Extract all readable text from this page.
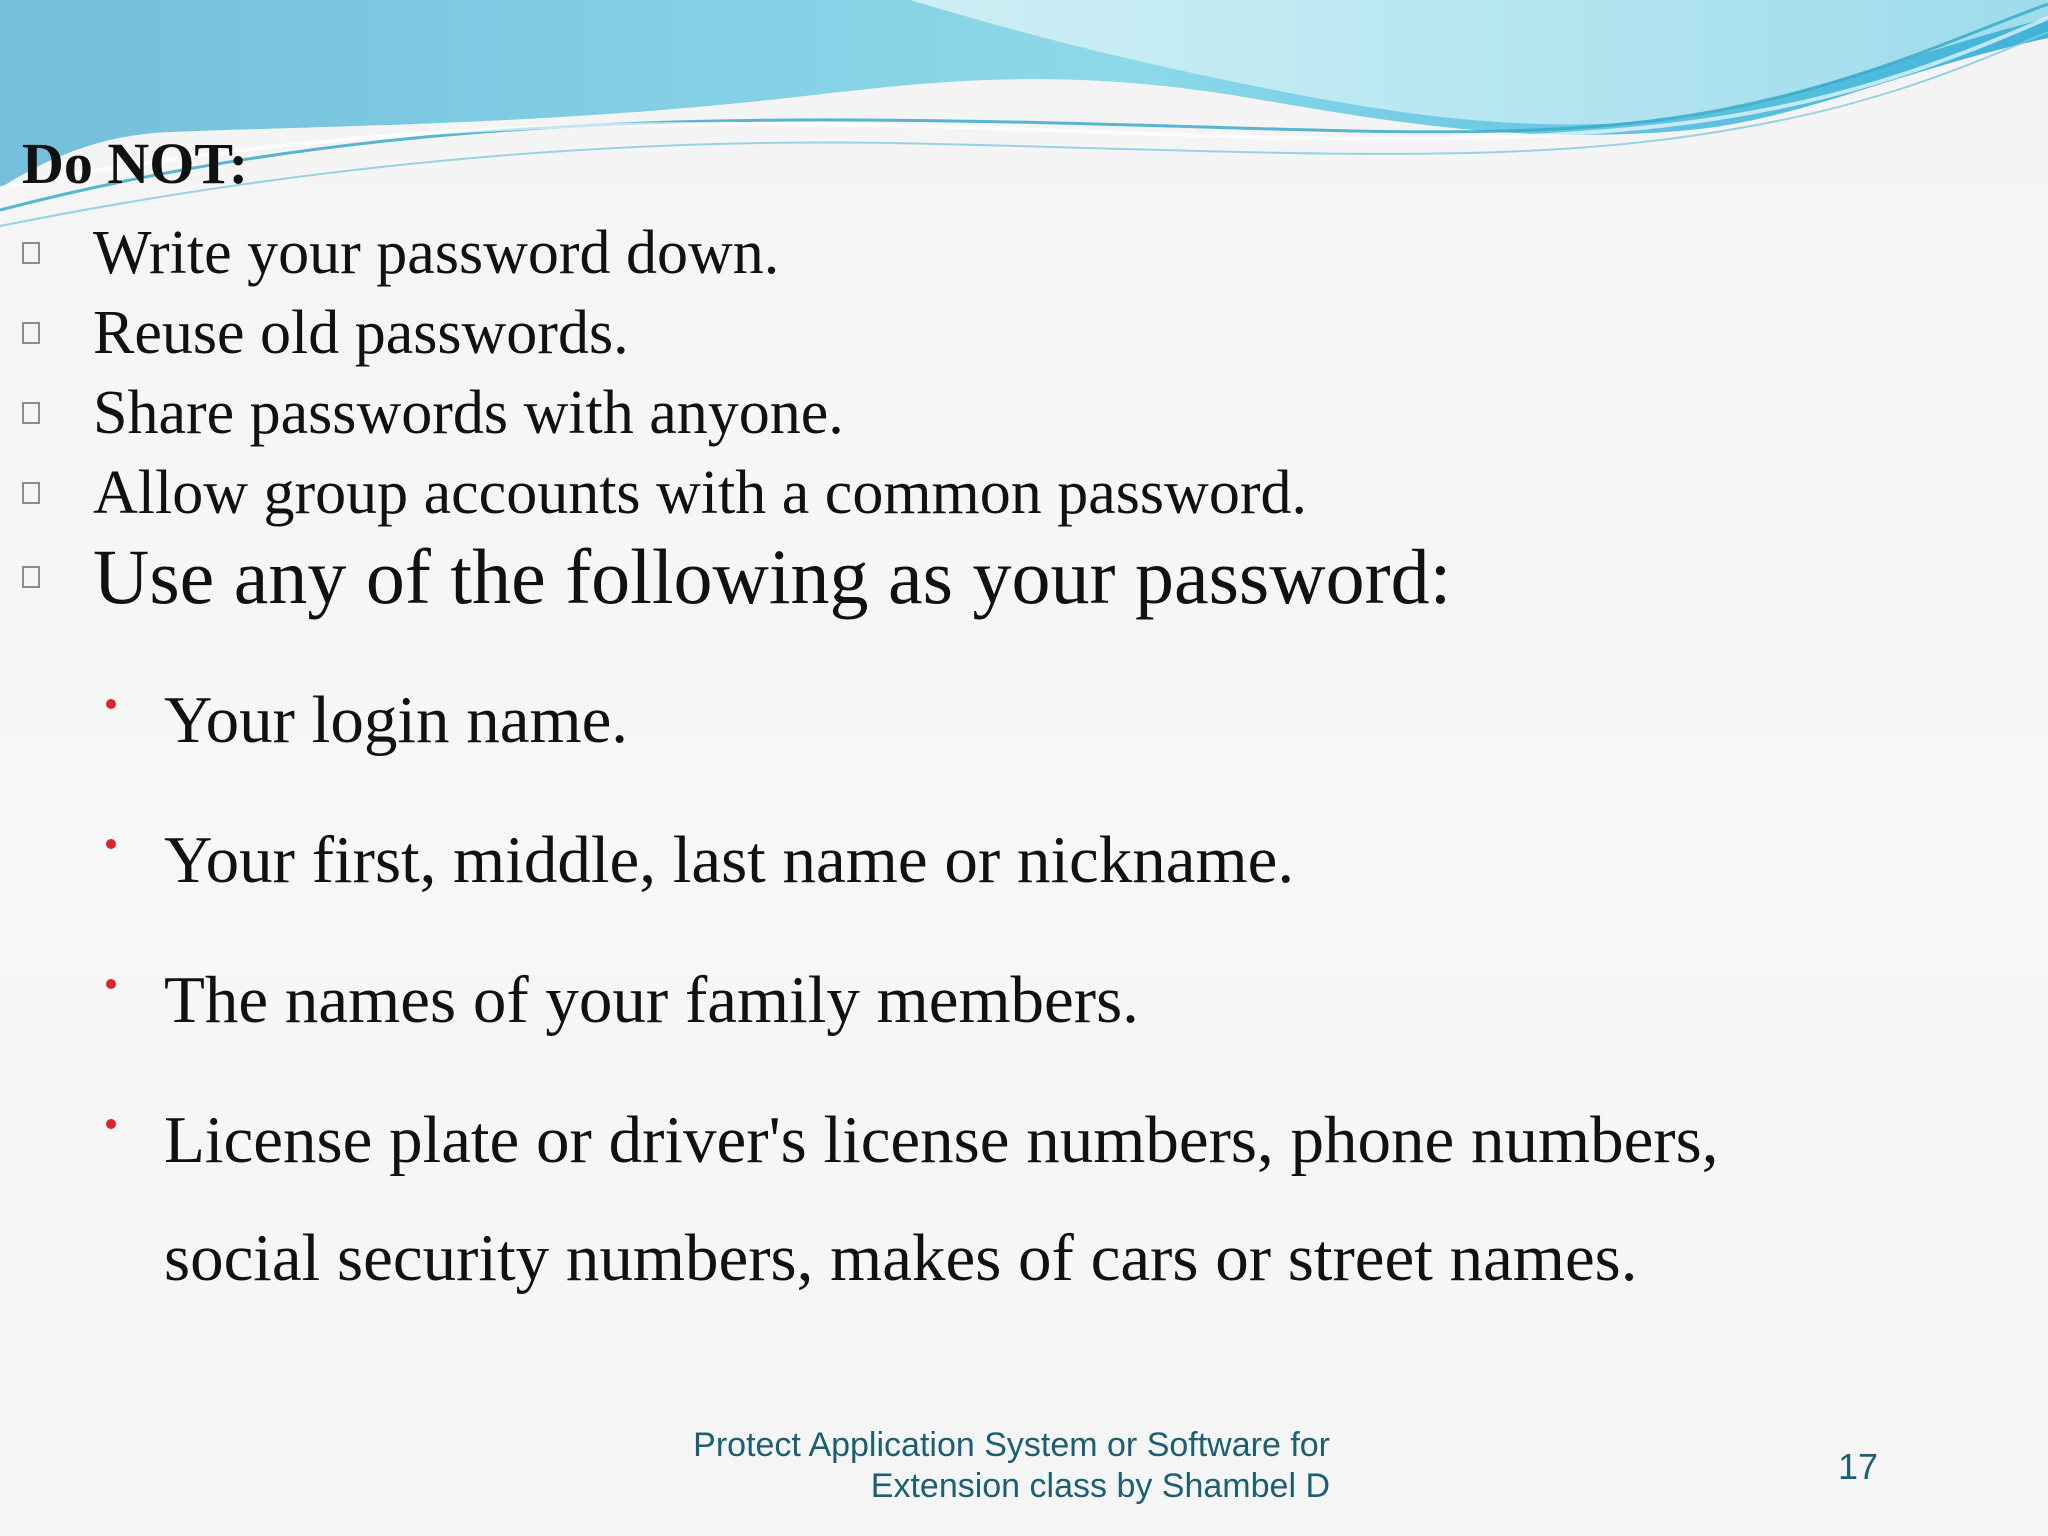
Do NOT:
Write your password down.
Reuse old passwords.
Share passwords with anyone.
Allow group accounts with a common password.
Use any of the following as your password:
Your login name.
Your first, middle, last name or nickname.
The names of your family members.
License plate or driver's license numbers, phone numbers,
social security numbers, makes of cars or street names.
Protect Application System or Software for
Extension class by Shambel D	17
